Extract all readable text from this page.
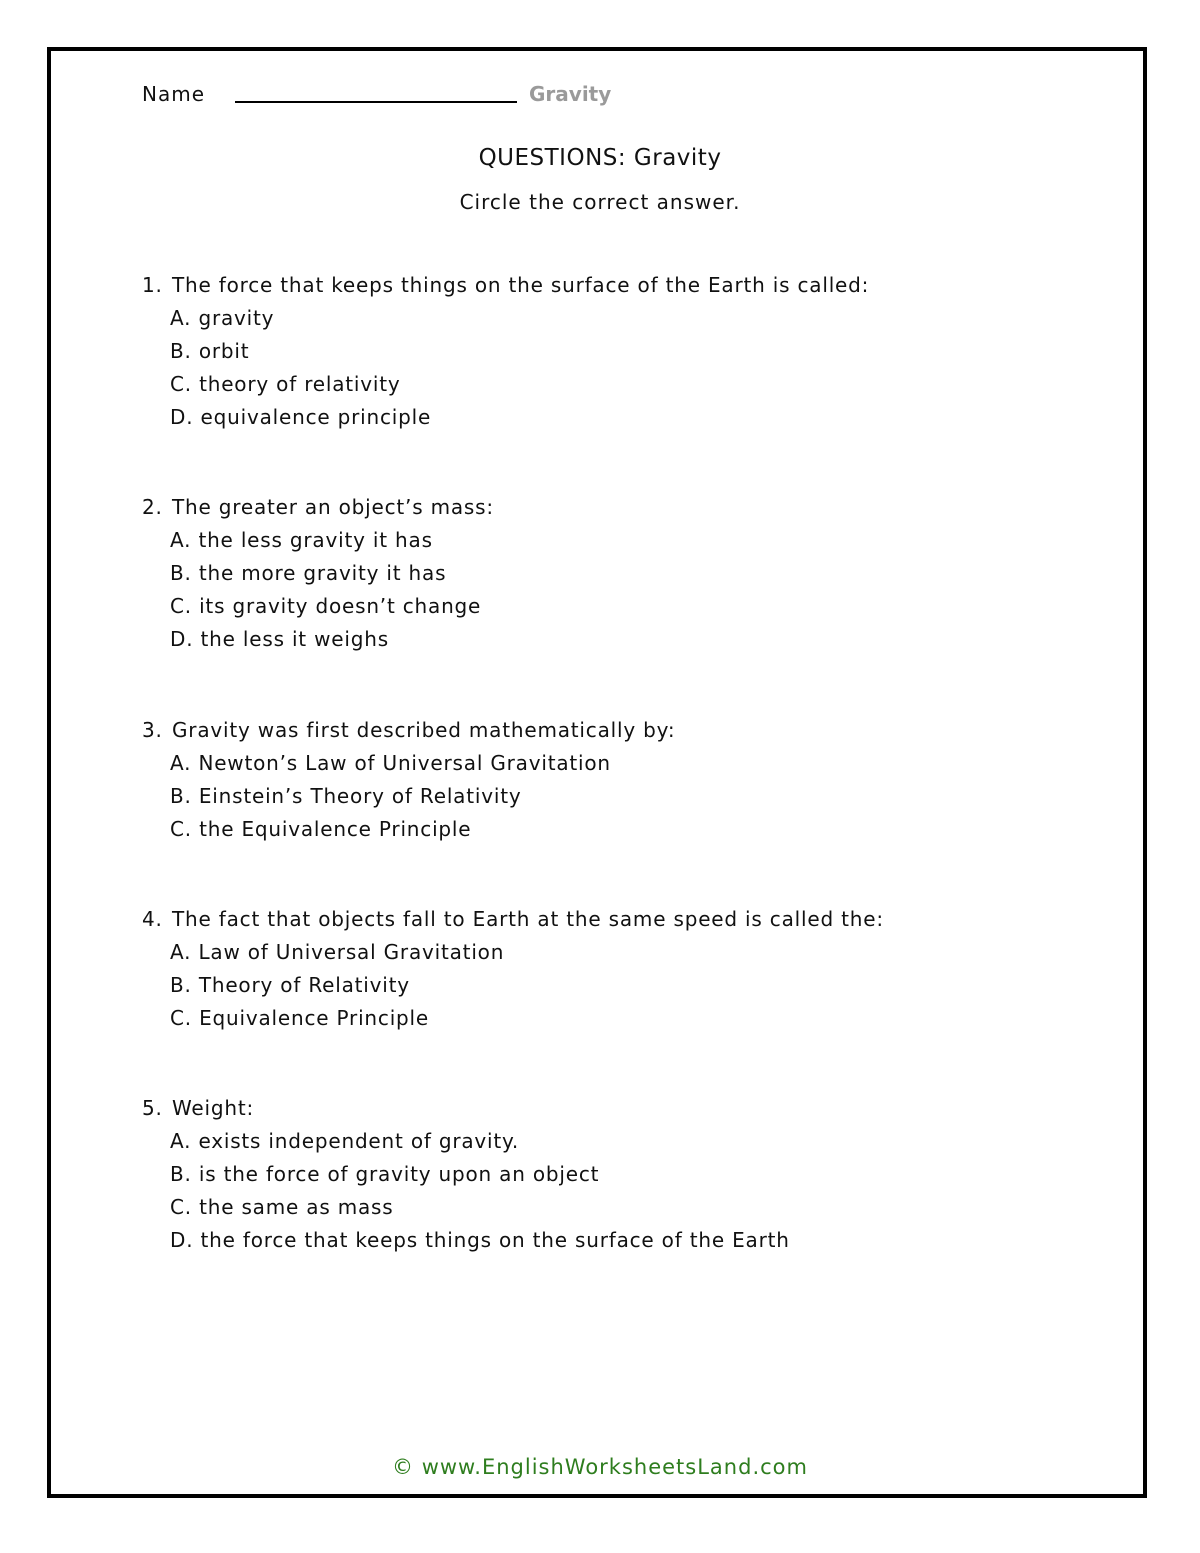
Name	Gravity
QUESTIONS: Gravity
Circle the correct answer.
1. The force that keeps things on the surface of the Earth is called:
A. gravity
B. orbit
C. theory of relativity
D. equivalence principle
2. The greater an object’s mass:
A. the less gravity it has
B. the more gravity it has
C. its gravity doesn’t change
D. the less it weighs
3. Gravity was first described mathematically by:
A. Newton’s Law of Universal Gravitation
B. Einstein’s Theory of Relativity
C. the Equivalence Principle
4. The fact that objects fall to Earth at the same speed is called the:
A. Law of Universal Gravitation
B. Theory of Relativity
C. Equivalence Principle
5. Weight:
A. exists independent of gravity.
B. is the force of gravity upon an object
C. the same as mass
D. the force that keeps things on the surface of the Earth
© www.EnglishWorksheetsLand.com
